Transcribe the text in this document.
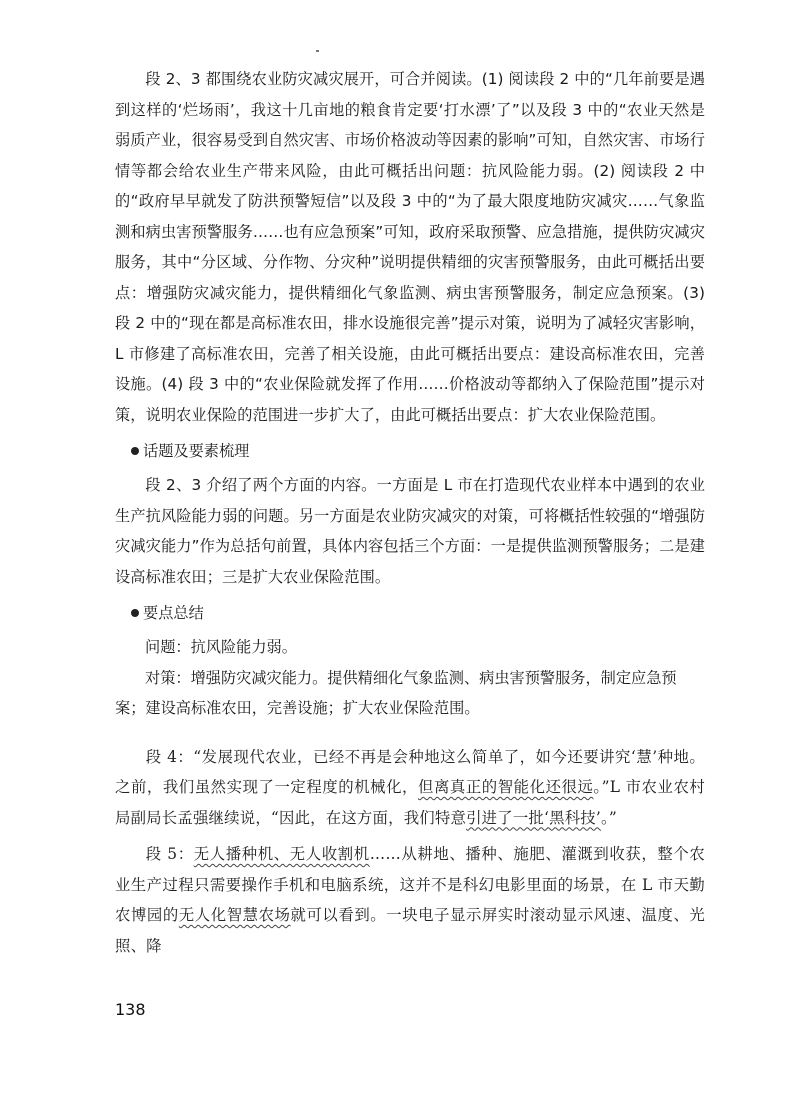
段 2、3 都围绕农业防灾减灾展开，可合并阅读。(1) 阅读段 2 中的“几年前要是遇到这样的‘烂场雨’，我这十几亩地的粮食肯定要‘打水漂’了”以及段 3 中的“农业天然是弱质产业，很容易受到自然灾害、市场价格波动等因素的影响”可知，自然灾害、市场行情等都会给农业生产带来风险，由此可概括出问题：抗风险能力弱。(2) 阅读段 2 中的“政府早早就发了防洪预警短信”以及段 3 中的“为了最大限度地防灾减灾……气象监测和病虫害预警服务……也有应急预案”可知，政府采取预警、应急措施，提供防灾减灾服务，其中“分区域、分作物、分灾种”说明提供精细的灾害预警服务，由此可概括出要点：增强防灾减灾能力，提供精细化气象监测、病虫害预警服务，制定应急预案。(3) 段 2 中的“现在都是高标准农田，排水设施很完善”提示对策，说明为了减轻灾害影响，L 市修建了高标准农田，完善了相关设施，由此可概括出要点：建设高标准农田，完善设施。(4) 段 3 中的“农业保险就发挥了作用……价格波动等都纳入了保险范围”提示对策，说明农业保险的范围进一步扩大了，由此可概括出要点：扩大农业保险范围。

话题及要素梳理

段 2、3 介绍了两个方面的内容。一方面是 L 市在打造现代农业样本中遇到的农业生产抗风险能力弱的问题。另一方面是农业防灾减灾的对策，可将概括性较强的“增强防灾减灾能力”作为总括句前置，具体内容包括三个方面：一是提供监测预警服务；二是建设高标准农田；三是扩大农业保险范围。

要点总结

问题：抗风险能力弱。

对策：增强防灾减灾能力。提供精细化气象监测、病虫害预警服务，制定应急预案；建设高标准农田，完善设施；扩大农业保险范围。

段 4：“发展现代农业，已经不再是会种地这么简单了，如今还要讲究‘慧’种地。之前，我们虽然实现了一定程度的机械化，但离真正的智能化还很远。”L 市农业农村局副局长孟强继续说，“因此，在这方面，我们特意引进了一批‘黑科技’。”

段 5：无人播种机、无人收割机……从耕地、播种、施肥、灌溉到收获，整个农业生产过程只需要操作手机和电脑系统，这并不是科幻电影里面的场景，在 L 市天勤农博园的无人化智慧农场就可以看到。一块电子显示屏实时滚动显示风速、温度、光照、降

138
